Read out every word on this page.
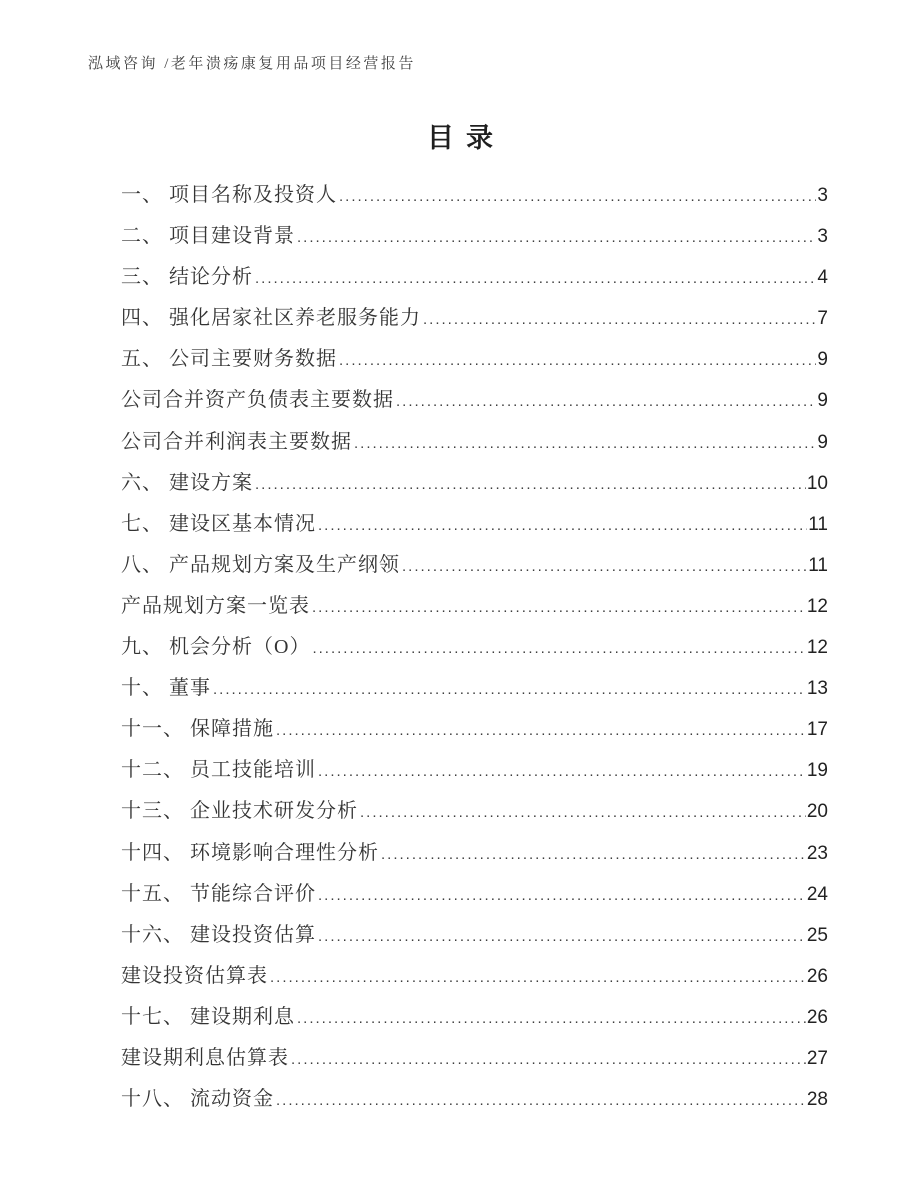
泓域咨询 /老年溃疡康复用品项目经营报告
目录
一、 项目名称及投资人 .....	3
二、 项目建设背景 .....	3
三、 结论分析 .....	4
四、 强化居家社区养老服务能力 .....	7
五、 公司主要财务数据 .....	9
公司合并资产负债表主要数据 .....	9
公司合并利润表主要数据 .....	9
六、 建设方案 .....	10
七、 建设区基本情况 .....	11
八、 产品规划方案及生产纲领 .....	11
产品规划方案一览表 .....	12
九、 机会分析（O） .....	12
十、 董事 .....	13
十一、 保障措施 .....	17
十二、 员工技能培训 .....	19
十三、 企业技术研发分析 .....	20
十四、 环境影响合理性分析 .....	23
十五、 节能综合评价 .....	24
十六、 建设投资估算 .....	25
建设投资估算表 .....	26
十七、 建设期利息 .....	26
建设期利息估算表 .....	27
十八、 流动资金 .....	28
